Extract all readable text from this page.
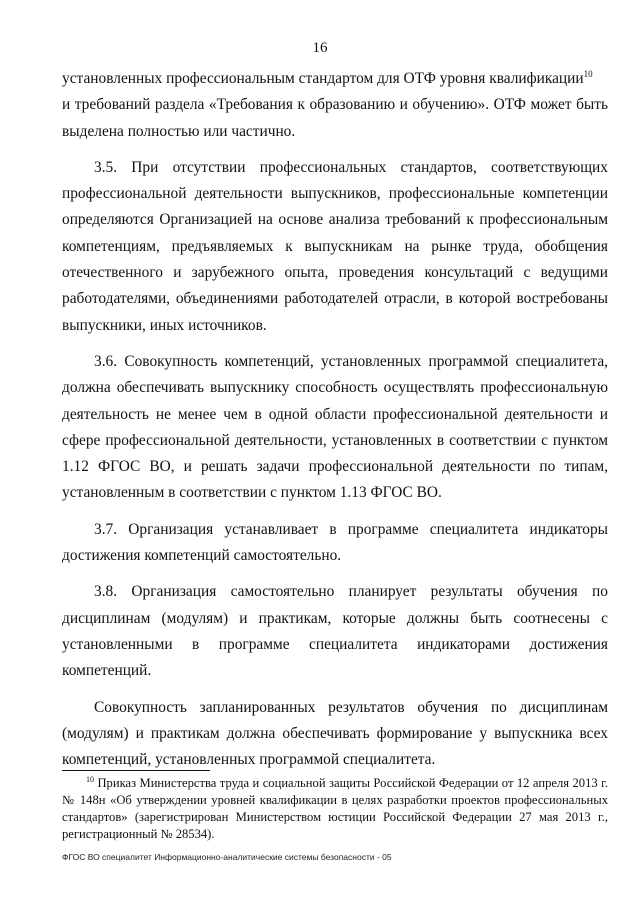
16

установленных профессиональным стандартом для ОТФ уровня квалификации$^{10}$
и требований раздела «Требования к образованию и обучению». ОТФ может быть выделена полностью или частично.

3.5. При отсутствии профессиональных стандартов, соответствующих профессиональной деятельности выпускников, профессиональные компетенции определяются Организацией на основе анализа требований к профессиональным компетенциям, предъявляемых к выпускникам на рынке труда, обобщения отечественного и зарубежного опыта, проведения консультаций с ведущими работодателями, объединениями работодателей отрасли, в которой востребованы выпускники, иных источников.

3.6. Совокупность компетенций, установленных программой специалитета, должна обеспечивать выпускнику способность осуществлять профессиональную деятельность не менее чем в одной области профессиональной деятельности и сфере профессиональной деятельности, установленных в соответствии с пунктом 1.12 ФГОС ВО, и решать задачи профессиональной деятельности по типам, установленным в соответствии с пунктом 1.13 ФГОС ВО.

3.7. Организация устанавливает в программе специалитета индикаторы достижения компетенций самостоятельно.

3.8. Организация самостоятельно планирует результаты обучения по дисциплинам (модулям) и практикам, которые должны быть соотнесены с установленными в программе специалитета индикаторами достижения компетенций.

Совокупность запланированных результатов обучения по дисциплинам (модулям) и практикам должна обеспечивать формирование у выпускника всех компетенций, установленных программой специалитета.

$^{10}$ Приказ Министерства труда и социальной защиты Российской Федерации от 12 апреля 2013 г. № 148н «Об утверждении уровней квалификации в целях разработки проектов профессиональных стандартов» (зарегистрирован Министерством юстиции Российской Федерации 27 мая 2013 г., регистрационный № 28534).

ФГОС ВО специалитет Информационно-аналитические системы безопасности - 05
